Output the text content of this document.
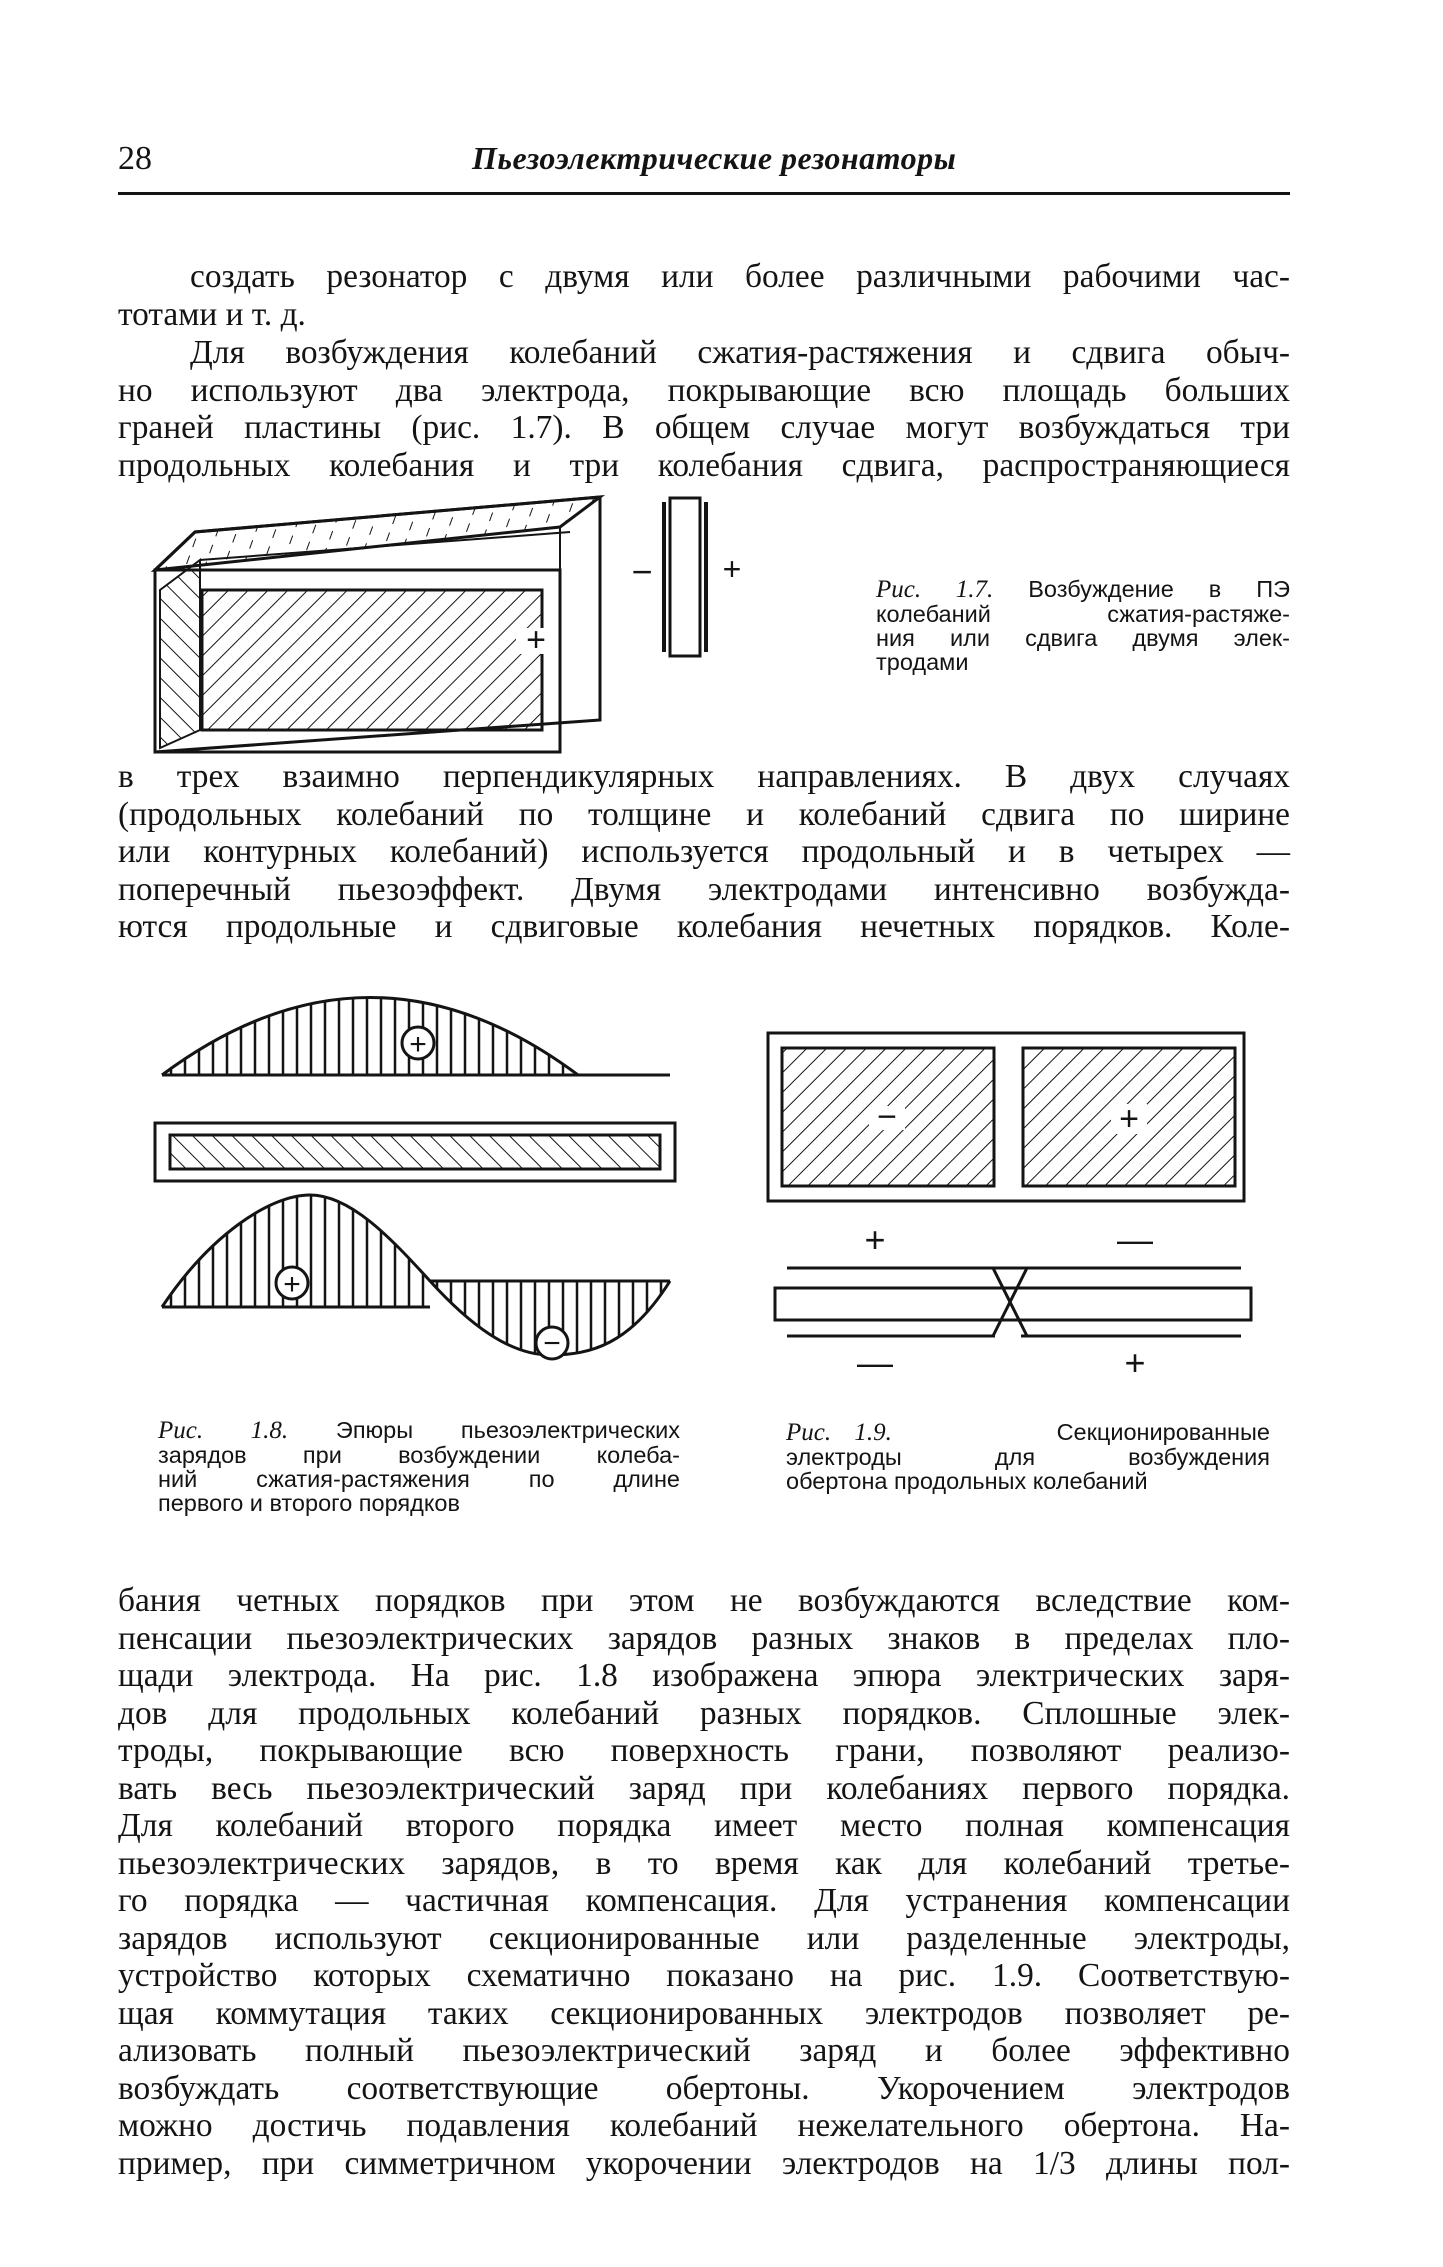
28	Пьезоэлектрические резонаторы
создать резонатор с двумя или более различными рабочими час-
тотами и т. д.
Для возбуждения колебаний сжатия-растяжения и сдвига обыч-
но используют два электрода, покрывающие всю площадь больших
граней пластины (рис. 1.7). В общем случае могут возбуждаться три
продольных колебания и три колебания сдвига, распространяющиеся
+
− +
Рис. 1.7. Возбуждение в ПЭ
колебаний сжатия-растяже-
ния или сдвига двумя элек-
тродами
в трех взаимно перпендикулярных направлениях. В двух случаях
(продольных колебаний по толщине и колебаний сдвига по ширине
или контурных колебаний) используется продольный и в четырех —
поперечный пьезоэффект. Двумя электродами интенсивно возбужда-
ются продольные и сдвиговые колебания нечетных порядков. Коле-
+
+
−
Рис. 1.8. Эпюры пьезоэлектрических
зарядов при возбуждении колеба-
ний сжатия-растяжения по длине
первого и второго порядков
−	+
+	—
—	+
Рис. 1.9.	Секционированные
электроды для возбуждения
обертона продольных колебаний
бания четных порядков при этом не возбуждаются вследствие ком-
пенсации пьезоэлектрических зарядов разных знаков в пределах пло-
щади электрода. На рис. 1.8 изображена эпюра электрических заря-
дов для продольных колебаний разных порядков. Сплошные элек-
троды, покрывающие всю поверхность грани, позволяют реализо-
вать весь пьезоэлектрический заряд при колебаниях первого порядка.
Для колебаний второго порядка имеет место полная компенсация
пьезоэлектрических зарядов, в то время как для колебаний третье-
го порядка — частичная компенсация. Для устранения компенсации
зарядов используют секционированные или разделенные электроды,
устройство которых схематично показано на рис. 1.9. Соответствую-
щая коммутация таких секционированных электродов позволяет ре-
ализовать полный пьезоэлектрический заряд и более эффективно
возбуждать соответствующие обертоны. Укорочением электродов
можно достичь подавления колебаний нежелательного обертона. На-
пример, при симметричном укорочении электродов на 1/3 длины пол-
